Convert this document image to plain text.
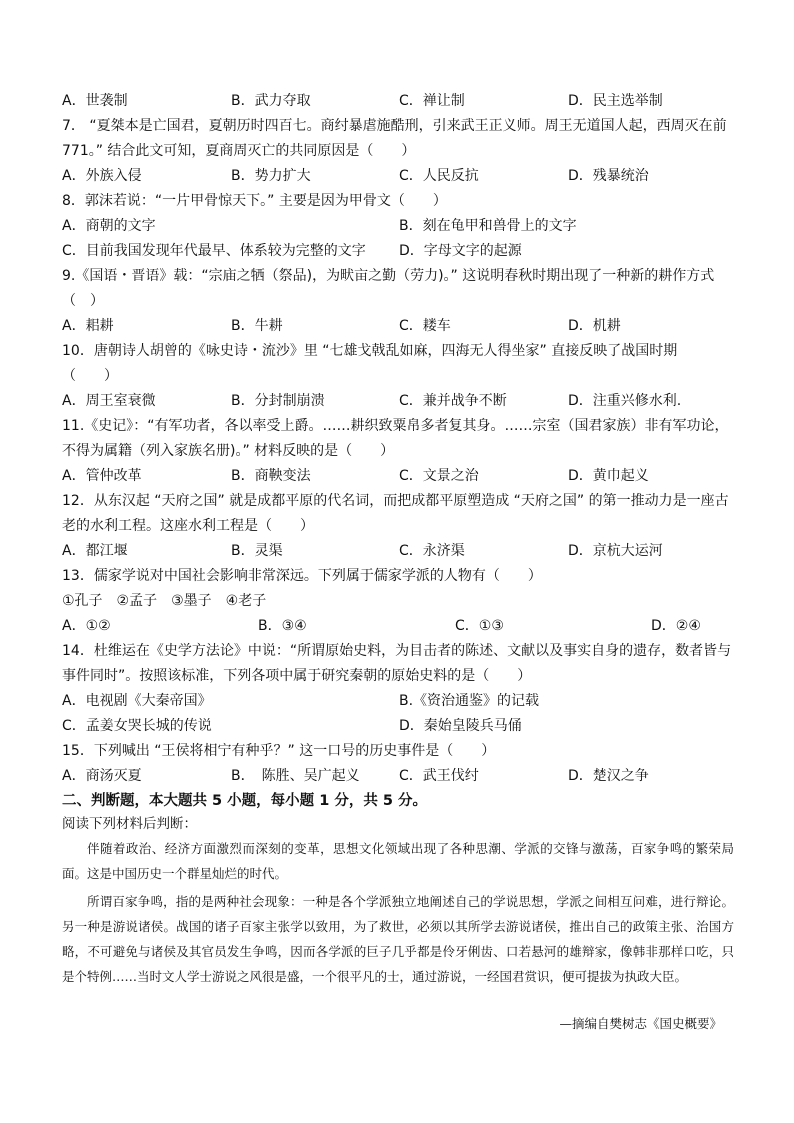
A．世袭制	B．武力夺取	C．禅让制	D．民主选举制
7． “夏桀本是亡国君，夏朝历时四百七。商纣暴虐施酷刑，引来武王正义师。周王无道国人起，西周灭在前
771。” 结合此文可知，夏商周灭亡的共同原因是（　　）
A．外族入侵	B．势力扩大	C．人民反抗	D．残暴统治
8．郭沫若说：“一片甲骨惊天下。” 主要是因为甲骨文（　　）
A．商朝的文字	B．刻在龟甲和兽骨上的文字
C．目前我国发现年代最早、体系较为完整的文字 D．字母文字的起源
9.《国语・晋语》载：“宗庙之牺（祭品)，为畎亩之勤（劳力)。” 这说明春秋时期出现了一种新的耕作方式
（　）
A．耜耕	B．牛耕	C．耧车	D．机耕
10．唐朝诗人胡曾的《咏史诗・流沙》里 “七雄戈戟乱如麻，四海无人得坐家” 直接反映了战国时期
（　　）
A．周王室衰微	B．分封制崩溃	C．兼并战争不断	D．注重兴修水利.
11.《史记》：“有军功者，各以率受上爵。……耕织致粟帛多者复其身。……宗室（国君家族）非有军功论，
不得为属籍（列入家族名册)。” 材料反映的是（　　）
A．管仲改革	B．商鞅变法	C．文景之治	D．黄巾起义
12．从东汉起 “天府之国” 就是成都平原的代名词，而把成都平原塑造成 “天府之国” 的第一推动力是一座古
老的水利工程。这座水利工程是（　　）
A．都江堰	B．灵渠	C．永济渠	D．京杭大运河
13．儒家学说对中国社会影响非常深远。下列属于儒家学派的人物有（　　）
①孔子　②孟子　③墨子　④老子
A．①②	B．③④	C．①③	D．②④
14．杜维运在《史学方法论》中说：“所谓原始史料，为目击者的陈述、文献以及事实自身的遗存，数者皆与
事件同时”。按照该标准，下列各项中属于研究秦朝的原始史料的是（　　）
A．电视剧《大秦帝国》	B.《资治通鉴》的记载
C．孟姜女哭长城的传说	D．秦始皇陵兵马俑
15．下列喊出 “王侯将相宁有种乎？” 这一口号的历史事件是（　　）
A．商汤灭夏	B．　陈胜、吴广起义	C．武王伐纣	D．楚汉之争
二、判断题，本大题共 5 小题，每小题 1 分，共 5 分。
阅读下列材料后判断：
伴随着政治、经济方面激烈而深刻的变革，思想文化领域出现了各种思潮、学派的交锋与激荡，百家争鸣的繁荣局面。这是中国历史一个群星灿烂的时代。
所谓百家争鸣，指的是两种社会现象：一种是各个学派独立地阐述自己的学说思想，学派之间相互问难，进行辩论。另一种是游说诸侯。战国的诸子百家主张学以致用，为了救世，必须以其所学去游说诸侯，推出自己的政策主张、治国方略，不可避免与诸侯及其官员发生争鸣，因而各学派的巨子几乎都是伶牙俐齿、口若悬河的雄辩家，像韩非那样口吃，只是个特例……当时文人学士游说之风很是盛，一个很平凡的士，通过游说，一经国君赏识，便可提拔为执政大臣。
—摘编自樊树志《国史概要》
